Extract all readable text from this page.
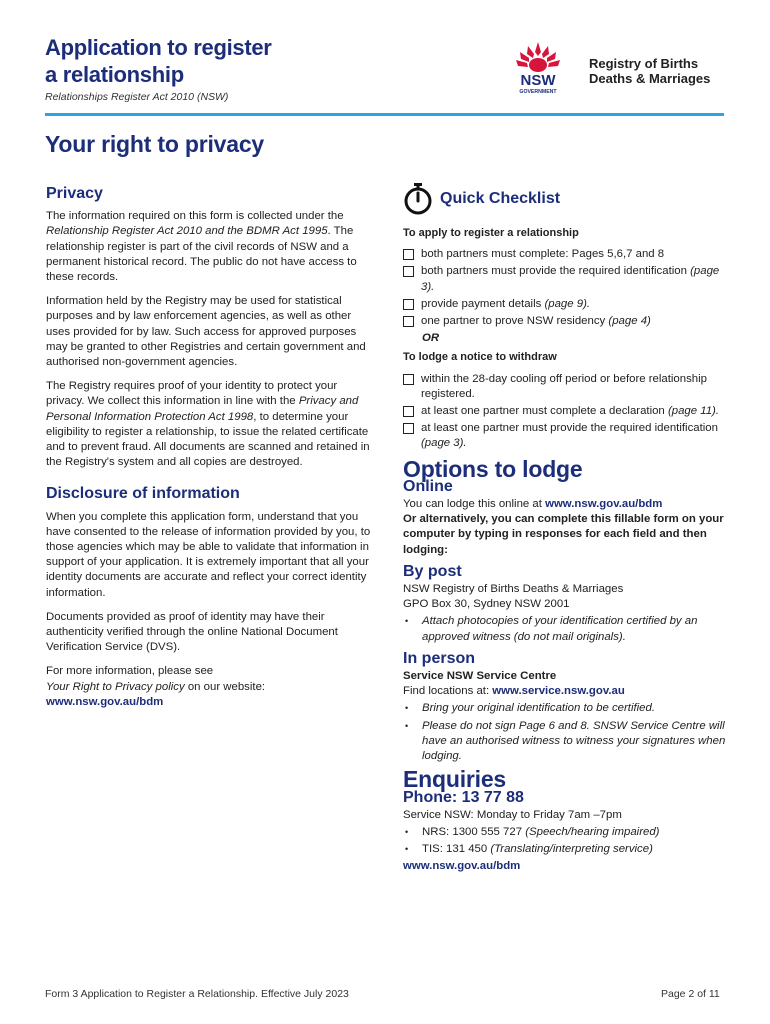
Application to register
a relationship
Relationships Register Act 2010 (NSW)
NSW
GOVERNMENT
Registry of Births
Deaths & Marriages
Your right to privacy
Privacy
The information required on this form is collected under the Relationship Register Act 2010 and the BDMR Act 1995. The relationship register is part of the civil records of NSW and a permanent historical record. The public do not have access to these records.
Information held by the Registry may be used for statistical purposes and by law enforcement agencies, as well as other uses provided for by law. Such access for approved purposes may be granted to other Registries and certain government and authorised non-government agencies.
The Registry requires proof of your identity to protect your privacy. We collect this information in line with the Privacy and Personal Information Protection Act 1998, to determine your eligibility to register a relationship, to issue the related certificate and to prevent fraud. All documents are scanned and retained in the Registry's system and all copies are destroyed.
Disclosure of information
When you complete this application form, understand that you have consented to the release of information provided by you, to those agencies which may be able to validate that information in support of your application. It is extremely important that all your identity documents are accurate and reflect your correct identity information.
Documents provided as proof of identity may have their authenticity verified through the online National Document Verification Service (DVS).
For more information, please see
Your Right to Privacy policy on our website:
www.nsw.gov.au/bdm
Quick Checklist
To apply to register a relationship
both partners must complete: Pages 5,6,7 and 8
both partners must provide the required identification (page 3).
provide payment details (page 9).
one partner to prove NSW residency (page 4)
OR
To lodge a notice to withdraw
within the 28-day cooling off period or before relationship registered.
at least one partner must complete a declaration (page 11).
at least one partner must provide the required identification (page 3).
Options to lodge
Online
You can lodge this online at www.nsw.gov.au/bdm
Or alternatively, you can complete this fillable form on your computer by typing in responses for each field and then lodging:
By post
NSW Registry of Births Deaths & Marriages
GPO Box 30, Sydney NSW 2001
•	Attach photocopies of your identification certified by an approved witness (do not mail originals).
In person
Service NSW Service Centre
Find locations at: www.service.nsw.gov.au
•	Bring your original identification to be certified.
•	Please do not sign Page 6 and 8. SNSW Service Centre will have an authorised witness to witness your signatures when lodging.
Enquiries
Phone: 13 77 88
Service NSW: Monday to Friday 7am –7pm
•	NRS: 1300 555 727 (Speech/hearing impaired)
•	TIS: 131 450 (Translating/interpreting service)
www.nsw.gov.au/bdm
Form 3 Application to Register a Relationship. Effective July 2023	Page 2 of 11
